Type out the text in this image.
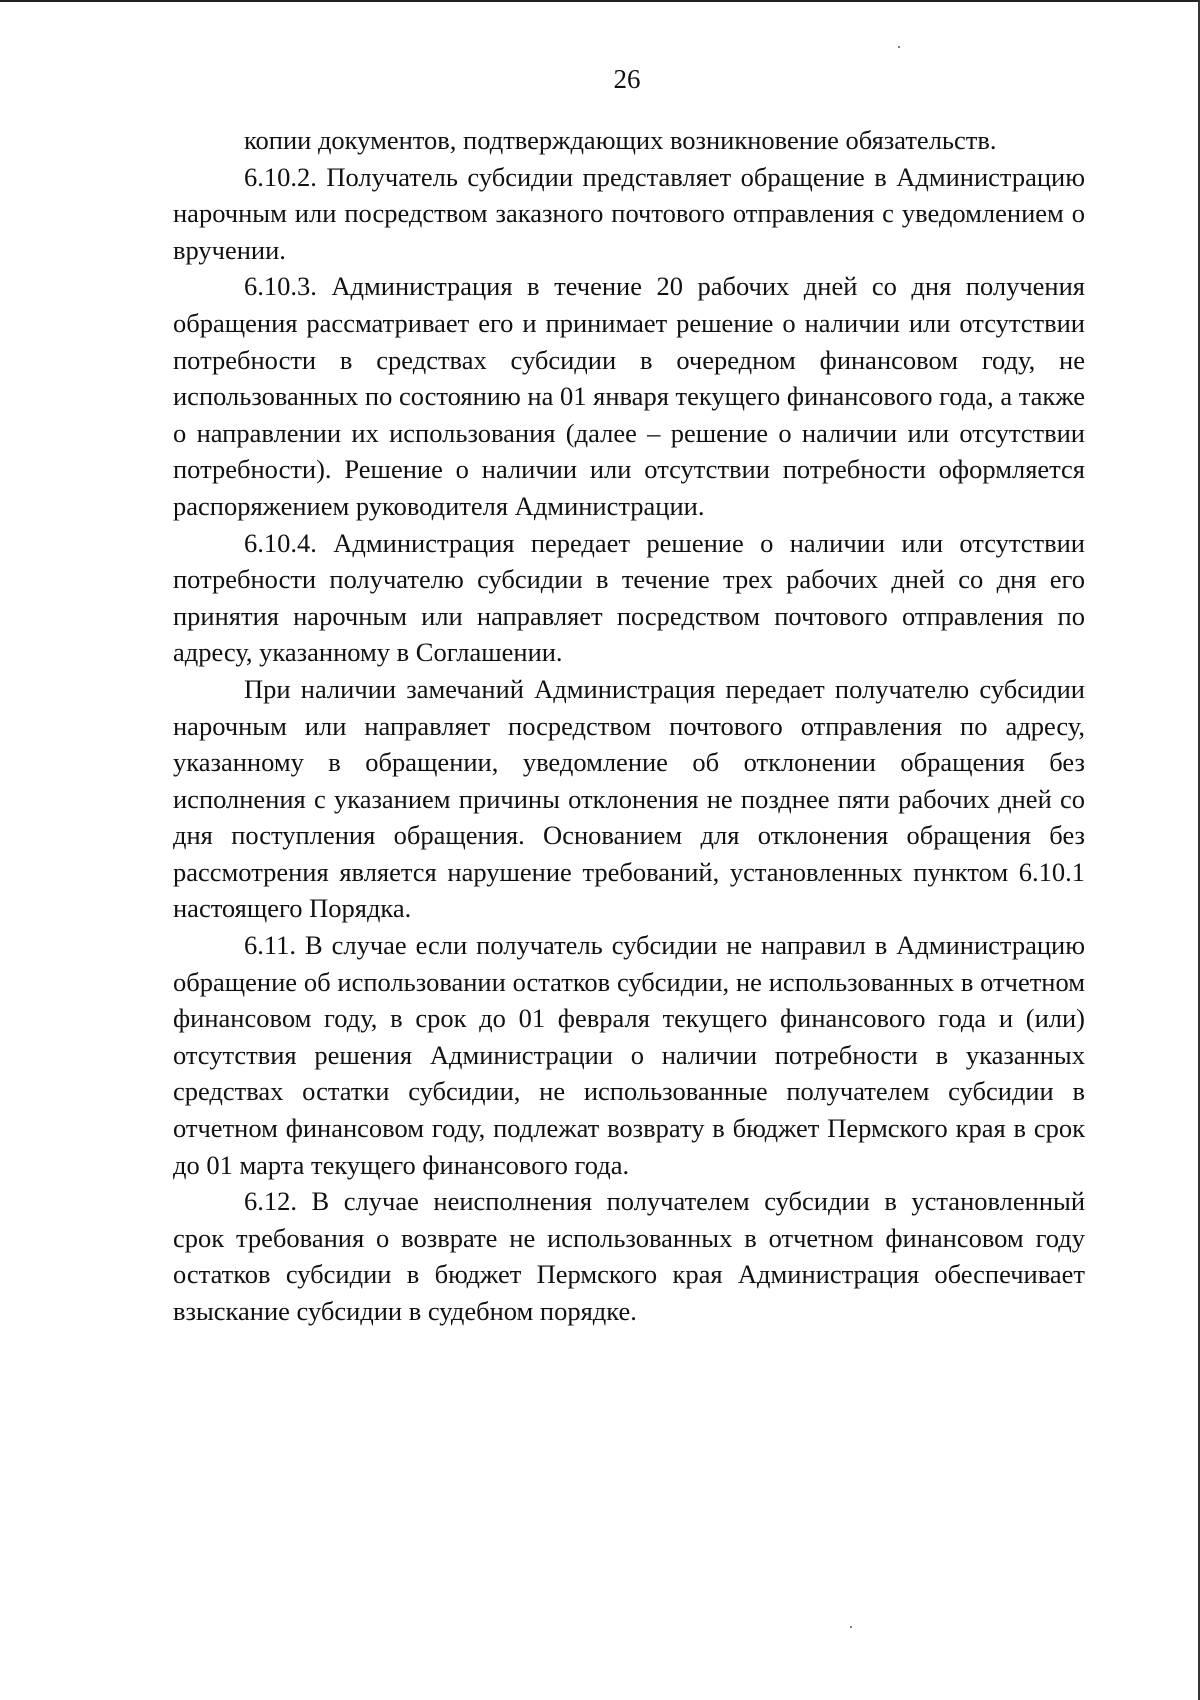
26

копии документов, подтверждающих возникновение обязательств.

6.10.2. Получатель субсидии представляет обращение в Администрацию нарочным или посредством заказного почтового отправления с уведомлением о вручении.

6.10.3. Администрация в течение 20 рабочих дней со дня получения обращения рассматривает его и принимает решение о наличии или отсутствии потребности в средствах субсидии в очередном финансовом году, не использованных по состоянию на 01 января текущего финансового года, а также о направлении их использования (далее – решение о наличии или отсутствии потребности). Решение о наличии или отсутствии потребности оформляется распоряжением руководителя Администрации.

6.10.4. Администрация передает решение о наличии или отсутствии потребности получателю субсидии в течение трех рабочих дней со дня его принятия нарочным или направляет посредством почтового отправления по адресу, указанному в Соглашении.

При наличии замечаний Администрация передает получателю субсидии нарочным или направляет посредством почтового отправления по адресу, указанному в обращении, уведомление об отклонении обращения без исполнения с указанием причины отклонения не позднее пяти рабочих дней со дня поступления обращения. Основанием для отклонения обращения без рассмотрения является нарушение требований, установленных пунктом 6.10.1 настоящего Порядка.

6.11. В случае если получатель субсидии не направил в Администрацию обращение об использовании остатков субсидии, не использованных в отчетном финансовом году, в срок до 01 февраля текущего финансового года и (или) отсутствия решения Администрации о наличии потребности в указанных средствах остатки субсидии, не использованные получателем субсидии в отчетном финансовом году, подлежат возврату в бюджет Пермского края в срок до 01 марта текущего финансового года.

6.12. В случае неисполнения получателем субсидии в установленный срок требования о возврате не использованных в отчетном финансовом году остатков субсидии в бюджет Пермского края Администрация обеспечивает взыскание субсидии в судебном порядке.
